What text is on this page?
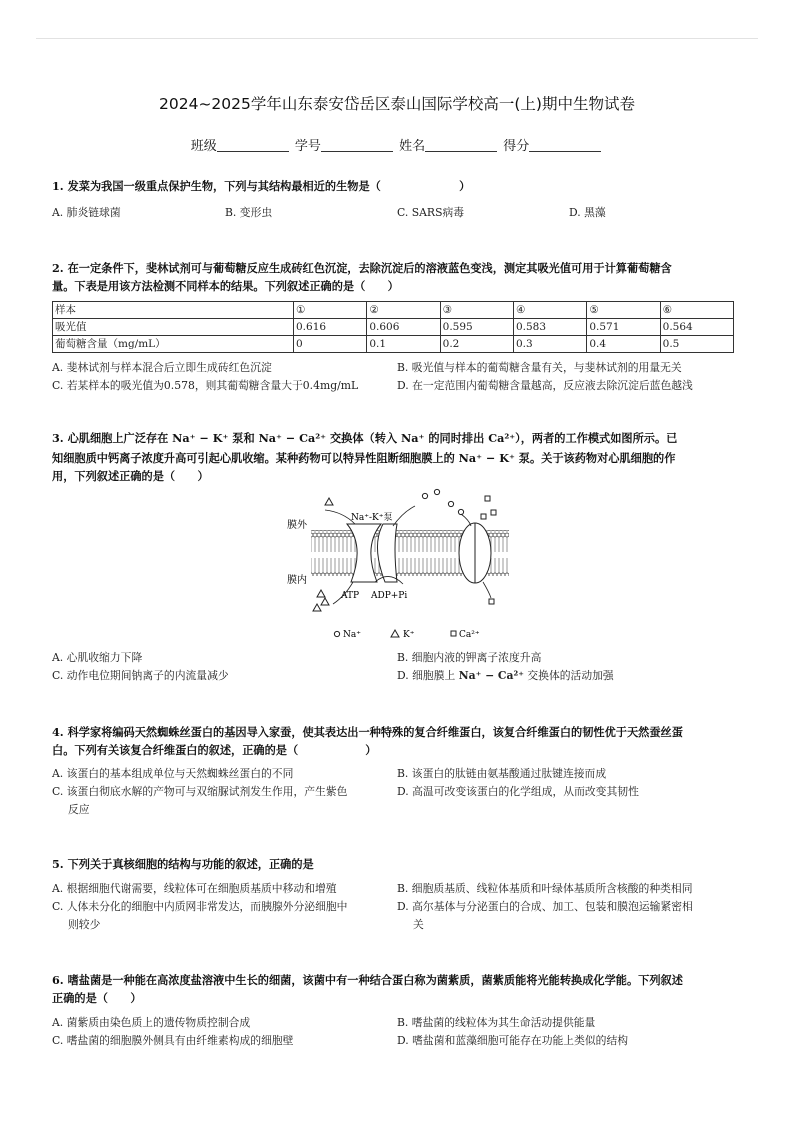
2024~2025学年山东泰安岱岳区泰山国际学校高一(上)期中生物试卷
班级	学号	姓名	得分
1. 发菜为我国一级重点保护生物，下列与其结构最相近的生物是（　　　　　　　）
A. 肺炎链球菌	B. 变形虫	C. SARS病毒	D. 黑藻
2. 在一定条件下，斐林试剂可与葡萄糖反应生成砖红色沉淀，去除沉淀后的溶液蓝色变浅，测定其吸光值可用于计算葡萄糖含
量。下表是用该方法检测不同样本的结果。下列叙述正确的是（　　）
样本	①	②	③	④	⑤	⑥
吸光值	0.616	0.606	0.595	0.583	0.571	0.564
葡萄糖含量（mg/mL）	0	0.1	0.2	0.3	0.4	0.5
A. 斐林试剂与样本混合后立即生成砖红色沉淀	B. 吸光值与样本的葡萄糖含量有关，与斐林试剂的用量无关
C. 若某样本的吸光值为0.578，则其葡萄糖含量大于0.4mg/mL	D. 在一定范围内葡萄糖含量越高，反应液去除沉淀后蓝色越浅
3. 心肌细胞上广泛存在 Na⁺ − K⁺ 泵和 Na⁺ − Ca²⁺ 交换体（转入 Na⁺ 的同时排出 Ca²⁺），两者的工作模式如图所示。已
知细胞质中钙离子浓度升高可引起心肌收缩。某种药物可以特异性阻断细胞膜上的 Na⁺ − K⁺ 泵。关于该药物对心肌细胞的作
用，下列叙述正确的是（　　）
膜外
膜内
Na⁺-K⁺泵
ATP ADP+Pi
Na⁺	K⁺	Ca²⁺
A. 心肌收缩力下降	B. 细胞内液的钾离子浓度升高
C. 动作电位期间钠离子的内流量减少	D. 细胞膜上 Na⁺ − Ca²⁺ 交换体的活动加强
4. 科学家将编码天然蜘蛛丝蛋白的基因导入家蚕，使其表达出一种特殊的复合纤维蛋白，该复合纤维蛋白的韧性优于天然蚕丝蛋
白。下列有关该复合纤维蛋白的叙述，正确的是（　　　　　　）
A. 该蛋白的基本组成单位与天然蜘蛛丝蛋白的不同	B. 该蛋白的肽链由氨基酸通过肽键连接而成
C. 该蛋白彻底水解的产物可与双缩脲试剂发生作用，产生紫色	D. 高温可改变该蛋白的化学组成，从而改变其韧性
反应
5. 下列关于真核细胞的结构与功能的叙述，正确的是
A. 根据细胞代谢需要，线粒体可在细胞质基质中移动和增殖	B. 细胞质基质、线粒体基质和叶绿体基质所含核酸的种类相同
C. 人体未分化的细胞中内质网非常发达，而胰腺外分泌细胞中	D. 高尔基体与分泌蛋白的合成、加工、包装和膜泡运输紧密相
则较少	关
6. 嗜盐菌是一种能在高浓度盐溶液中生长的细菌，该菌中有一种结合蛋白称为菌紫质，菌紫质能将光能转换成化学能。下列叙述
正确的是（　　）
A. 菌紫质由染色质上的遗传物质控制合成	B. 嗜盐菌的线粒体为其生命活动提供能量
C. 嗜盐菌的细胞膜外侧具有由纤维素构成的细胞壁	D. 嗜盐菌和蓝藻细胞可能存在功能上类似的结构
